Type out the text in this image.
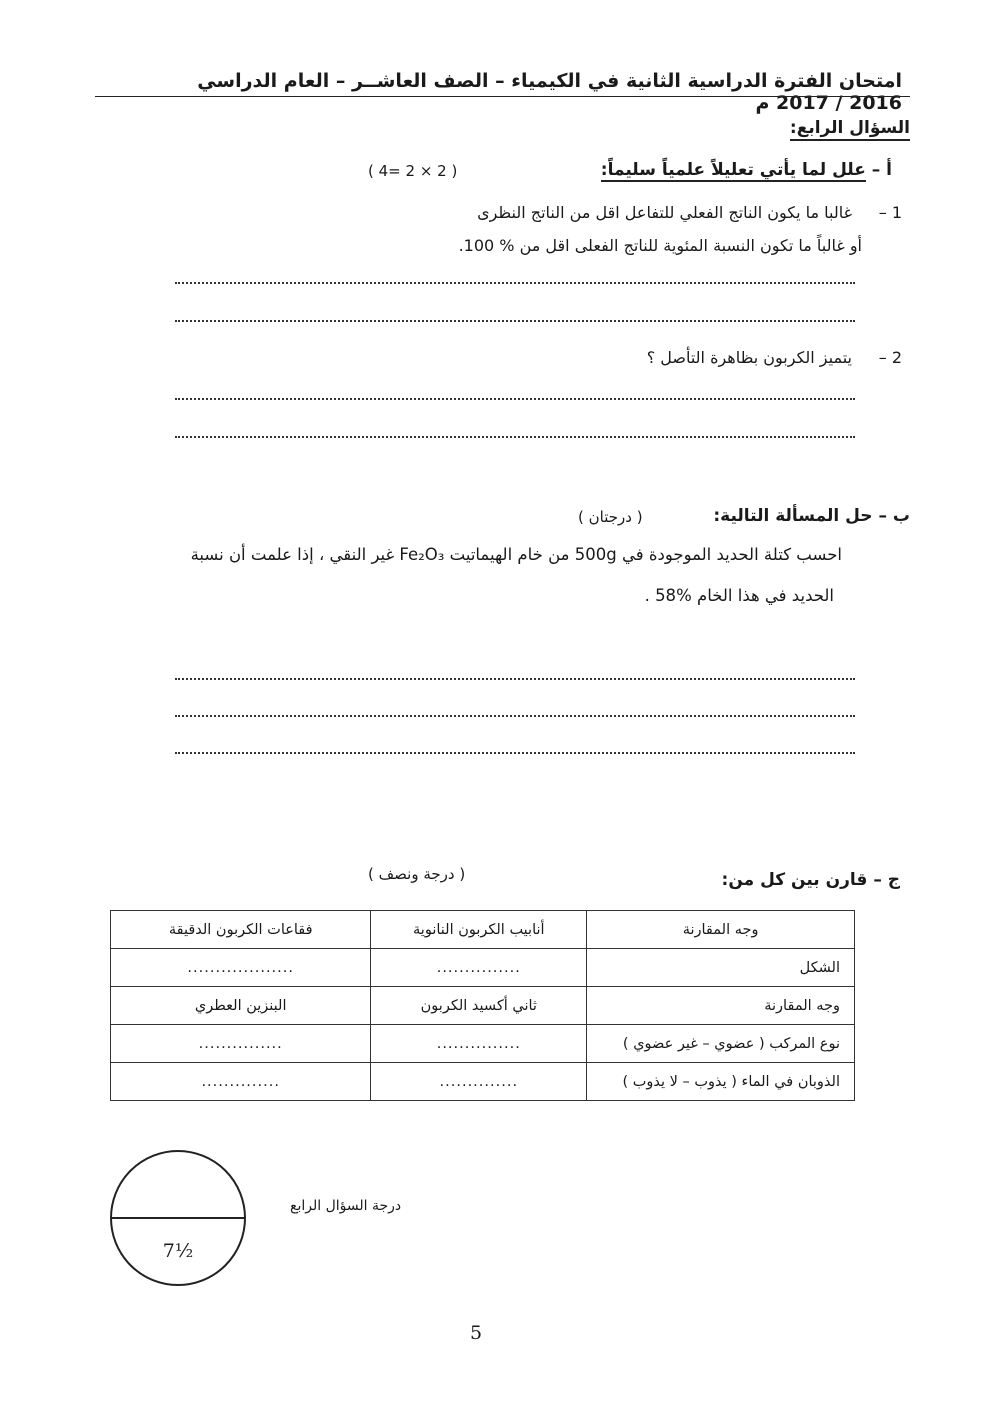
امتحان الفترة الدراسية الثانية في الكيمياء – الصف العاشــر – العام الدراسي 2016 / 2017 م
السؤال الرابع:
أ – علل لما يأتي تعليلاً علمياً سليماً:
( 2 × 2 =4 )
1 –
غالبا ما يكون الناتج الفعلي للتفاعل اقل من الناتج النظرى
أو غالباً ما تكون النسبة المئوية للناتج الفعلى اقل من % 100.
2 –
يتميز الكربون بظاهرة التأصل ؟
ب – حل المسألة التالية:
( درجتان )
احسب كتلة الحديد الموجودة في 500g من خام الهيماتيت Fe₂O₃ غير النقي ، إذا علمت أن نسبة
الحديد في هذا الخام %58 .
ج – قارن بين كل من:
( درجة ونصف )
وجه المقارنة	أنابيب الكربون النانوية	فقاعات الكربون الدقيقة
الشكل	...............	...................
وجه المقارنة	ثاني أكسيد الكربون	البنزين العطري
نوع المركب ( عضوي – غير عضوي )	...............	...............
الذوبان في الماء ( يذوب – لا يذوب )	..............	..............
7½
درجة السؤال الرابع
5
